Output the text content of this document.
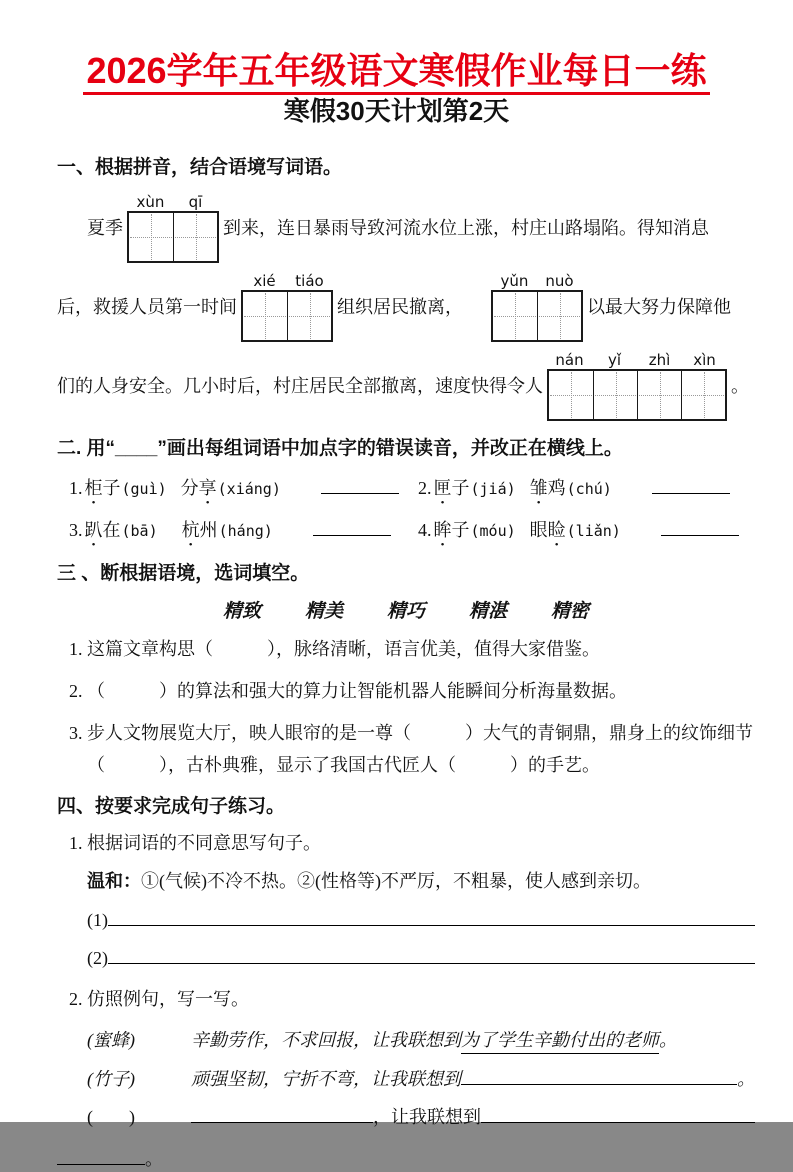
2026学年五年级语文寒假作业每日一练
寒假30天计划第2天
一、根据拼音，结合语境写词语。
夏季
xùn	qī
到来，连日暴雨导致河流水位上涨，村庄山路塌陷。得知消息
后，救援人员第一时间
xié	tiáo
组织居民撤离，
yǔn	nuò
以最大努力保障他
们的人身安全。几小时后，村庄居民全部撤离，速度快得令人
nán	yǐ	zhì	xìn
。
二. 用“____”画出每组词语中加点字的错误读音，并改正在横线上。
1. 柜子 (guì) 分享 (xiáng)	2. 匣子 (jiá) 雏鸡 (chú)
3. 趴在 (bā) 杭州 (háng)	4. 眸子 (móu) 眼睑 (liǎn)
三 、断根据语境，选词填空。
精致 精美 精巧 精湛 精密
1. 这篇文章构思（　　　），脉络清晰，语言优美，值得大家借鉴。
2. （　　　）的算法和强大的算力让智能机器人能瞬间分析海量数据。
3. 步人文物展览大厅，映人眼帘的是一尊（　　　）大气的青铜鼎，鼎身上的纹饰细节（　　　），古朴典雅，显示了我国古代匠人（　　　）的手艺。
四、按要求完成句子练习。
1. 根据词语的不同意思写句子。
温和：①(气候)不冷不热。②(性格等)不严厉，不粗暴，使人感到亲切。
(1)
(2)
2. 仿照例句，写一写。
(蜜蜂)	辛勤劳作，不求回报，让我联想到 为了学生辛勤付出的老师 。
(竹子)	顽强坚韧，宁折不弯，让我联想到	。
(　　)	，让我联想到
。
